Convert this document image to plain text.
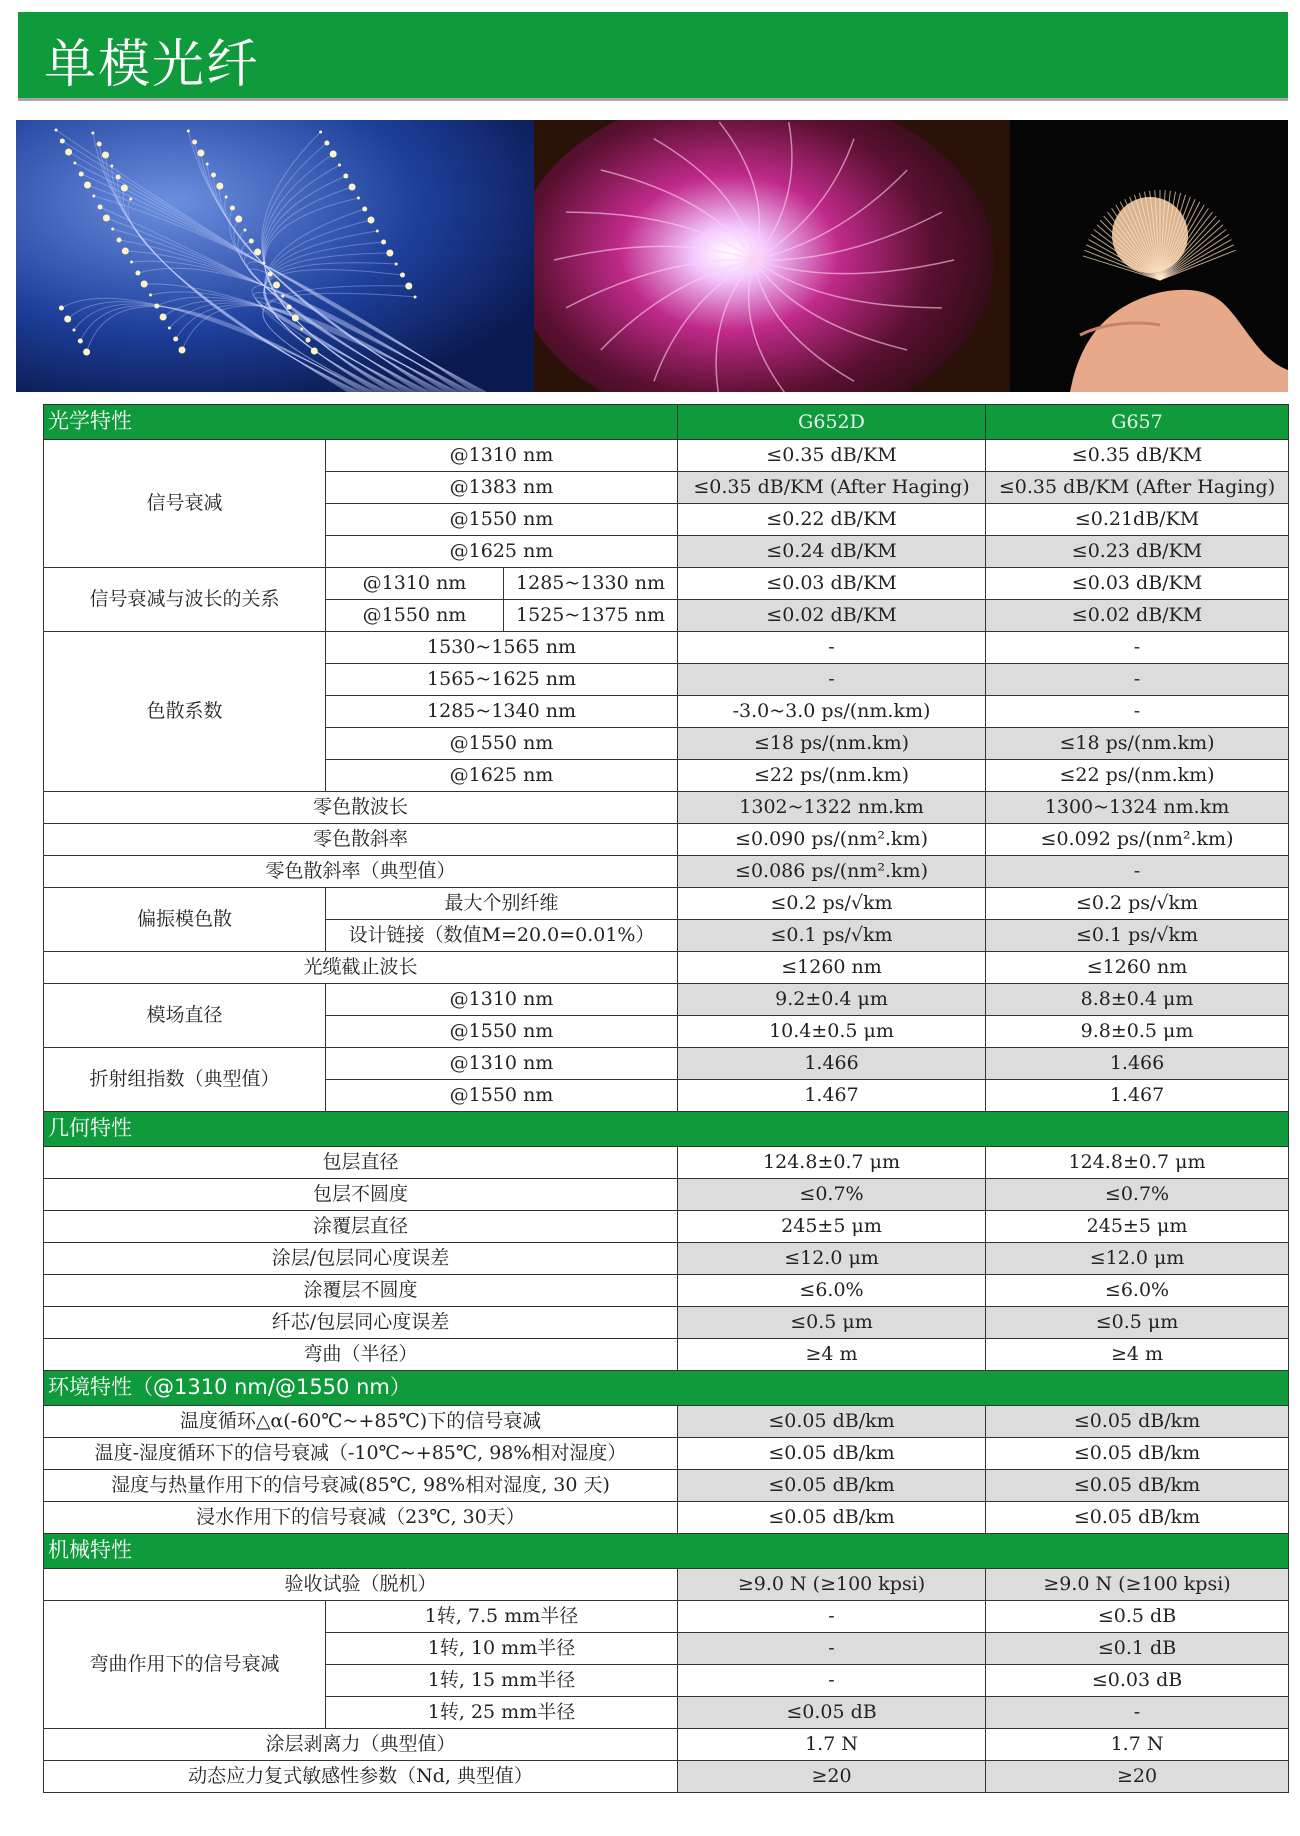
单模光纤
光学特性			G652D	G657
信号衰减	@1310 nm		≤0.35 dB/KM	≤0.35 dB/KM
	@1383 nm		≤0.35 dB/KM (After Haging)	≤0.35 dB/KM (After Haging)
	@1550 nm		≤0.22 dB/KM	≤0.21dB/KM
	@1625 nm		≤0.24 dB/KM	≤0.23 dB/KM
信号衰减与波长的关系	@1310 nm	1285~1330 nm	≤0.03 dB/KM	≤0.03 dB/KM
	@1550 nm	1525~1375 nm	≤0.02 dB/KM	≤0.02 dB/KM
色散系数	1530~1565 nm		-	-
	1565~1625 nm		-	-
	1285~1340 nm		-3.0~3.0 ps/(nm.km)	-
	@1550 nm		≤18 ps/(nm.km)	≤18 ps/(nm.km)
	@1625 nm		≤22 ps/(nm.km)	≤22 ps/(nm.km)
零色散波长			1302~1322 nm.km	1300~1324 nm.km
零色散斜率			≤0.090 ps/(nm².km)	≤0.092 ps/(nm².km)
零色散斜率（典型值）			≤0.086 ps/(nm².km)	-
偏振模色散	最大个别纤维		≤0.2 ps/√km	≤0.2 ps/√km
	设计链接（数值M=20.0=0.01%）		≤0.1 ps/√km	≤0.1 ps/√km
光缆截止波长			≤1260 nm	≤1260 nm
模场直径	@1310 nm		9.2±0.4 μm	8.8±0.4 μm
	@1550 nm		10.4±0.5 μm	9.8±0.5 μm
折射组指数（典型值）	@1310 nm		1.466	1.466
	@1550 nm		1.467	1.467
几何特性				
包层直径			124.8±0.7 μm	124.8±0.7 μm
包层不圆度			≤0.7%	≤0.7%
涂覆层直径			245±5 μm	245±5 μm
涂层/包层同心度误差			≤12.0 μm	≤12.0 μm
涂覆层不圆度			≤6.0%	≤6.0%
纤芯/包层同心度误差			≤0.5 μm	≤0.5 μm
弯曲（半径）			≥4 m	≥4 m
环境特性（@1310 nm/@1550 nm）				
温度循环△α(-60℃~+85℃)下的信号衰减			≤0.05 dB/km	≤0.05 dB/km
温度-湿度循环下的信号衰减（-10℃~+85℃, 98%相对湿度）			≤0.05 dB/km	≤0.05 dB/km
湿度与热量作用下的信号衰减(85℃, 98%相对湿度, 30 天)			≤0.05 dB/km	≤0.05 dB/km
浸水作用下的信号衰减（23℃, 30天）			≤0.05 dB/km	≤0.05 dB/km
机械特性				
验收试验（脱机）			≥9.0 N (≥100 kpsi)	≥9.0 N (≥100 kpsi)
弯曲作用下的信号衰减	1转, 7.5 mm半径		-	≤0.5 dB
	1转, 10 mm半径		-	≤0.1 dB
	1转, 15 mm半径		-	≤0.03 dB
	1转, 25 mm半径		≤0.05 dB	-
涂层剥离力（典型值）			1.7 N	1.7 N
动态应力复式敏感性参数（Nd, 典型值）			≥20	≥20
